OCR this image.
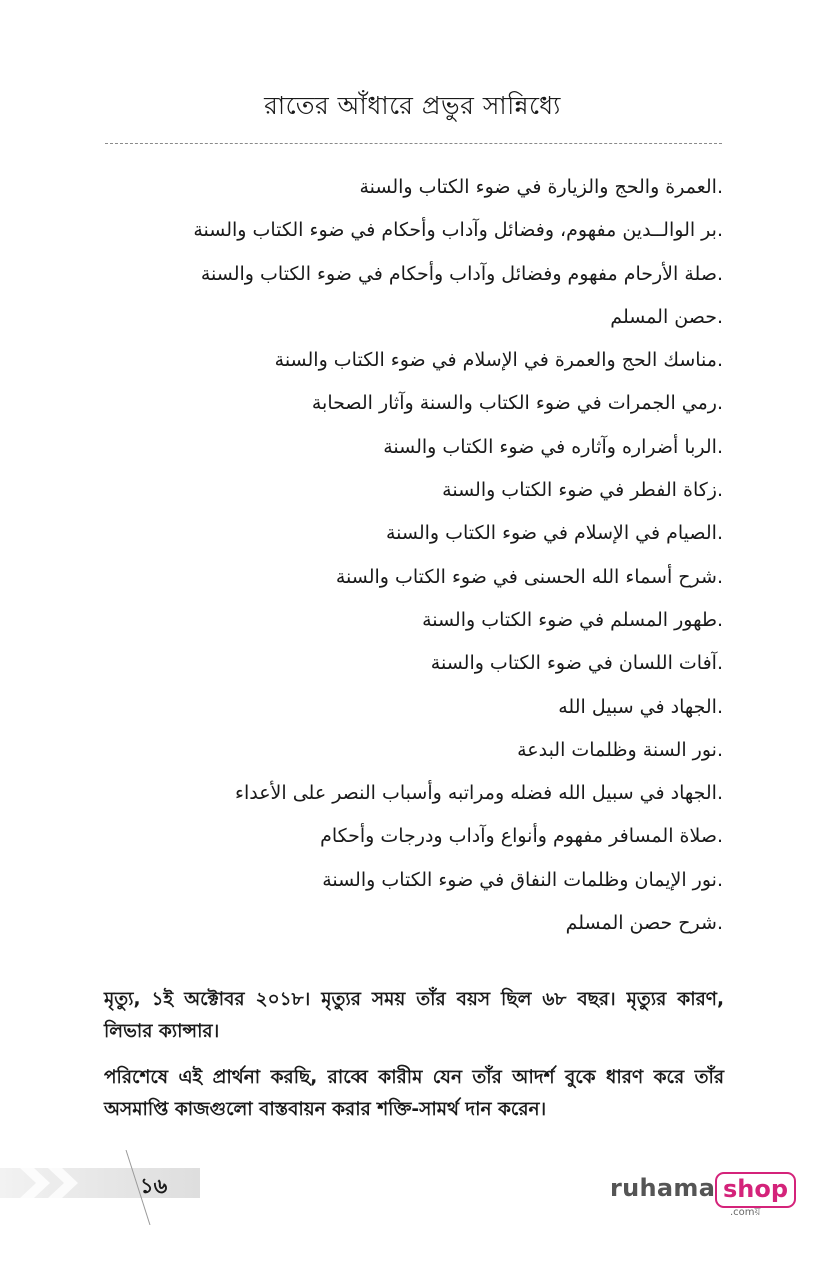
রাতের আঁধারে প্রভুর সান্নিধ্যে
.العمرة والحج والزيارة في ضوء الكتاب والسنة
.بر الوالــدين مفهوم، وفضائل وآداب وأحكام في ضوء الكتاب والسنة
.صلة الأرحام مفهوم وفضائل وآداب وأحكام في ضوء الكتاب والسنة
.حصن المسلم
.مناسك الحج والعمرة في الإسلام في ضوء الكتاب والسنة
.رمي الجمرات في ضوء الكتاب والسنة وآثار الصحابة
.الربا أضراره وآثاره في ضوء الكتاب والسنة
.زكاة الفطر في ضوء الكتاب والسنة
.الصيام في الإسلام في ضوء الكتاب والسنة
.شرح أسماء الله الحسنى في ضوء الكتاب والسنة
.طهور المسلم في ضوء الكتاب والسنة
.آفات اللسان في ضوء الكتاب والسنة
.الجهاد في سبيل الله
.نور السنة وظلمات البدعة
.الجهاد في سبيل الله فضله ومراتبه وأسباب النصر على الأعداء
.صلاة المسافر مفهوم وأنواع وآداب ودرجات وأحكام
.نور الإيمان وظلمات النفاق في ضوء الكتاب والسنة
.شرح حصن المسلم

মৃত্যু, ১ই অক্টোবর ২০১৮। মৃত্যুর সময় তাঁর বয়স ছিল ৬৮ বছর। মৃত্যুর কারণ, লিভার ক্যান্সার।

পরিশেষে এই প্রার্থনা করছি, রাব্বে কারীম যেন তাঁর আদর্শ বুকে ধারণ করে তাঁর অসমাপ্তি কাজগুলো বাস্তবায়ন করার শক্তি-সামর্থ দান করেন।

১৬	ruhama shop
.comয়
